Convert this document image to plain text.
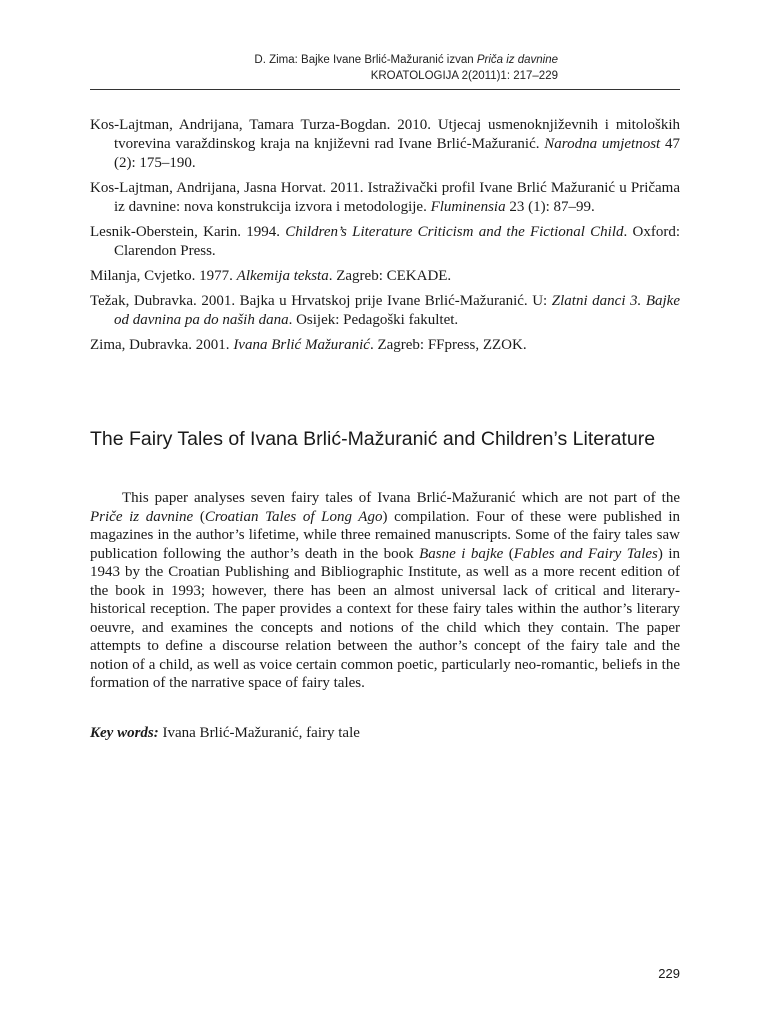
D. Zima: Bajke Ivane Brlić-Mažuranić izvan Priča iz davnine
KROATOLOGIJA 2(2011)1: 217–229

Kos-Lajtman, Andrijana, Tamara Turza-Bogdan. 2010. Utjecaj usmenoknjiževnih i mitoloških tvorevina varaždinskog kraja na književni rad Ivane Brlić-Mažuranić. Narodna umjetnost 47 (2): 175–190.

Kos-Lajtman, Andrijana, Jasna Horvat. 2011. Istraživački profil Ivane Brlić Mažuranić u Pričama iz davnine: nova konstrukcija izvora i metodologije. Fluminensia 23 (1): 87–99.

Lesnik-Oberstein, Karin. 1994. Children’s Literature Criticism and the Fictional Child. Oxford: Clarendon Press.

Milanja, Cvjetko. 1977. Alkemija teksta. Zagreb: CEKADE.

Težak, Dubravka. 2001. Bajka u Hrvatskoj prije Ivane Brlić-Mažuranić. U: Zlatni danci 3. Bajke od davnina pa do naših dana. Osijek: Pedagoški fakultet.

Zima, Dubravka. 2001. Ivana Brlić Mažuranić. Zagreb: FFpress, ZZOK.

The Fairy Tales of Ivana Brlić-Mažuranić and Children’s Literature

This paper analyses seven fairy tales of Ivana Brlić-Mažuranić which are not part of the Priče iz davnine (Croatian Tales of Long Ago) compilation. Four of these were published in magazines in the author’s lifetime, while three remained manuscripts. Some of the fairy tales saw publication following the author’s death in the book Basne i bajke (Fables and Fairy Tales) in 1943 by the Croatian Publishing and Bibliographic Institute, as well as a more recent edition of the book in 1993; however, there has been an almost universal lack of critical and literary-historical reception. The paper provides a context for these fairy tales within the author’s literary oeuvre, and examines the concepts and notions of the child which they contain. The paper attempts to define a discourse relation between the author’s concept of the fairy tale and the notion of a child, as well as voice certain common poetic, particularly neo-romantic, beliefs in the formation of the narrative space of fairy tales.

Key words: Ivana Brlić-Mažuranić, fairy tale

229
